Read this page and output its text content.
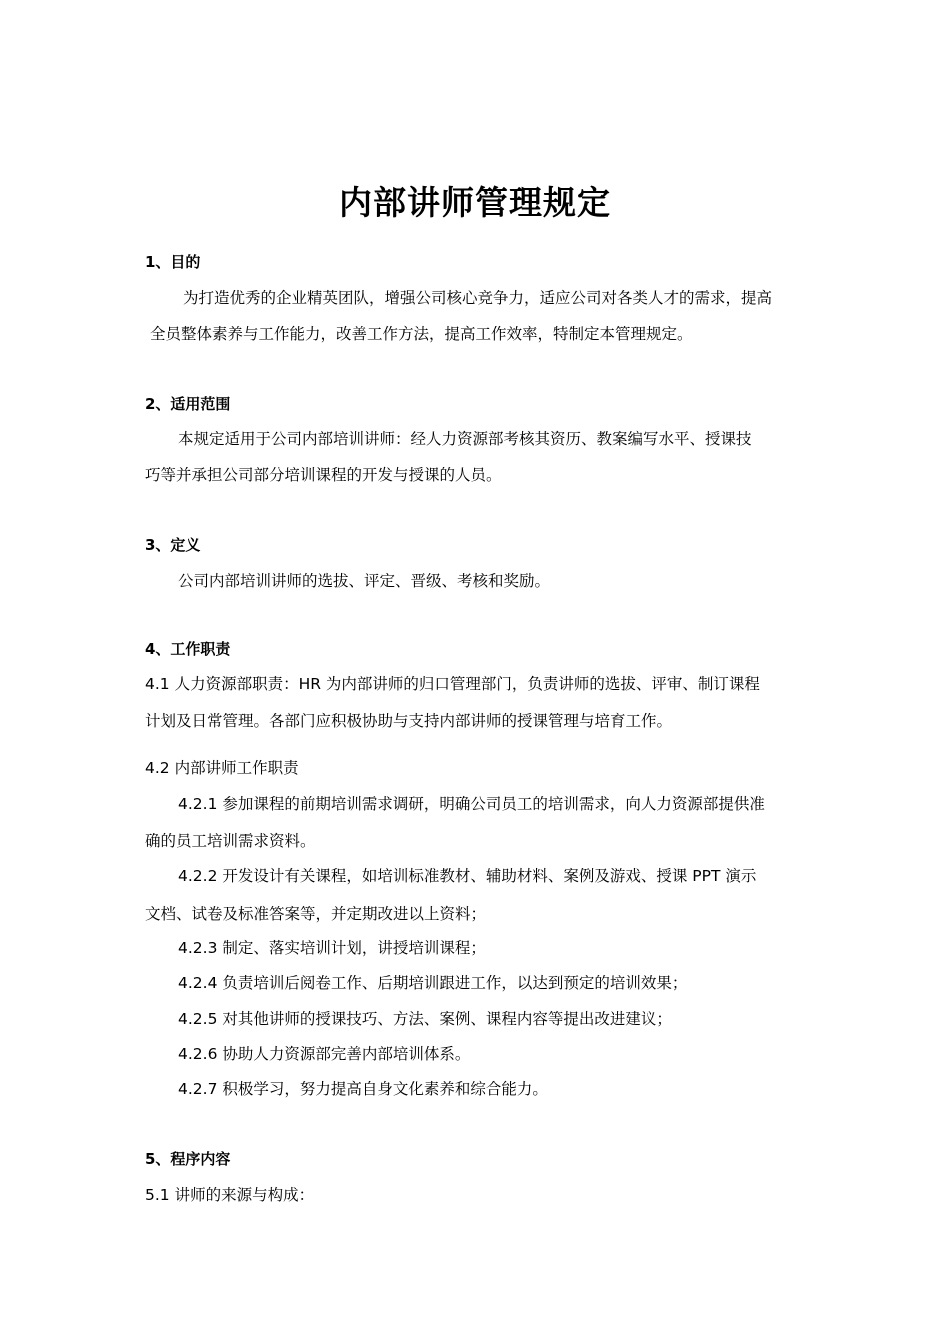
内部讲师管理规定
1、目的
为打造优秀的企业精英团队，增强公司核心竞争力，适应公司对各类人才的需求，提高
全员整体素养与工作能力，改善工作方法，提高工作效率，特制定本管理规定。
2、适用范围
本规定适用于公司内部培训讲师：经人力资源部考核其资历、教案编写水平、授课技
巧等并承担公司部分培训课程的开发与授课的人员。
3、定义
公司内部培训讲师的选拔、评定、晋级、考核和奖励。
4、工作职责
4.1 人力资源部职责：HR 为内部讲师的归口管理部门，负责讲师的选拔、评审、制订课程
计划及日常管理。各部门应积极协助与支持内部讲师的授课管理与培育工作。
4.2 内部讲师工作职责
4.2.1 参加课程的前期培训需求调研，明确公司员工的培训需求，向人力资源部提供准
确的员工培训需求资料。
4.2.2 开发设计有关课程，如培训标准教材、辅助材料、案例及游戏、授课 PPT 演示
文档、试卷及标准答案等，并定期改进以上资料；
4.2.3 制定、落实培训计划，讲授培训课程；
4.2.4 负责培训后阅卷工作、后期培训跟进工作，以达到预定的培训效果；
4.2.5 对其他讲师的授课技巧、方法、案例、课程内容等提出改进建议；
4.2.6 协助人力资源部完善内部培训体系。
4.2.7 积极学习，努力提高自身文化素养和综合能力。
5、程序内容
5.1 讲师的来源与构成：
